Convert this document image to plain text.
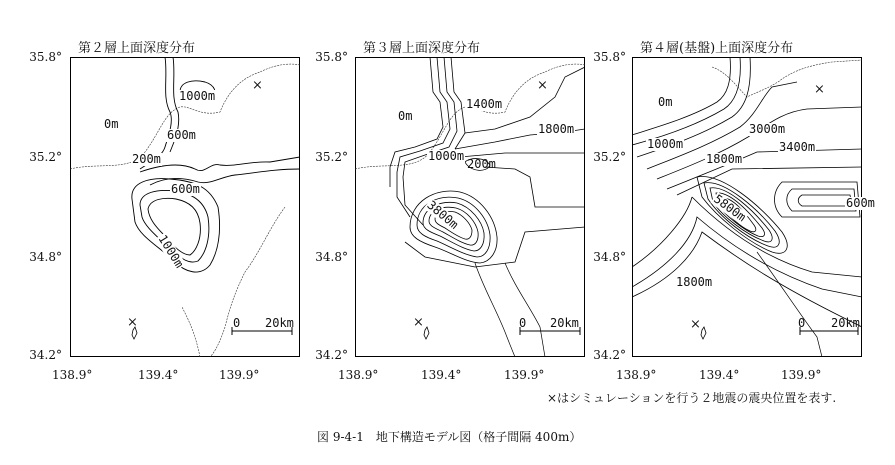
第２層上面深度分布
35.8°
35.2°
34.8°
34.2°
138.9°	139.4°	139.9°
1000m
0m
600m
200m
600m
1000m
×
×	0 20km
第３層上面深度分布
35.8°
35.2°
34.8°
34.2°
138.9°	139.4°	139.9°
1400m
0m
1800m
1000m
200m
3800m
×
×	0 20km
第４層(基盤)上面深度分布
35.8°
35.2°
34.8°
34.2°
138.9°	139.4°	139.9°
0m
3000m
1000m
1800m
3400m
600m
5800m
1800m
×
×	0 20km
×はシミュレーションを行う２地震の震央位置を表す.
図 9-4-1　地下構造モデル図（格子間隔 400m）
